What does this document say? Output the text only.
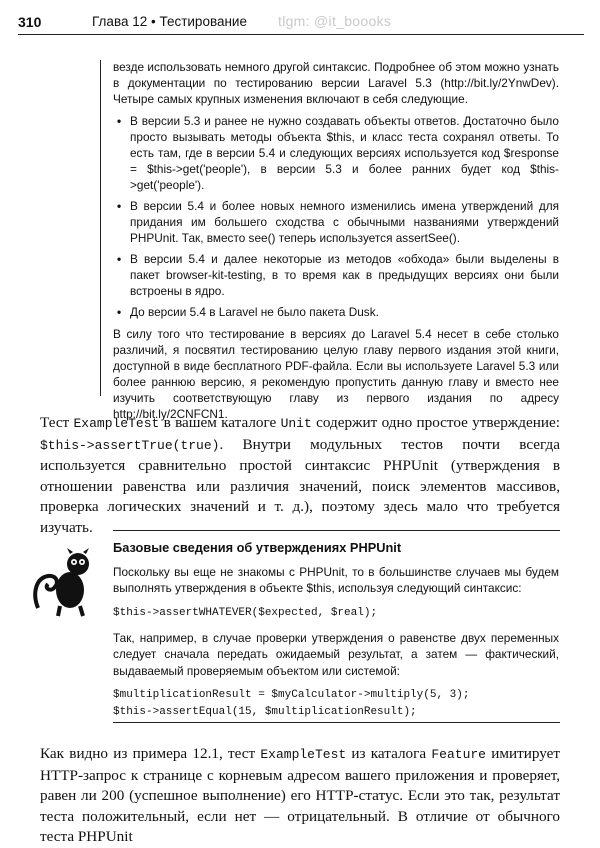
310	Глава 12 • Тестирование tlgm: @it_boooks

везде использовать немного другой синтаксис. Подробнее об этом можно узнать в документации по тестированию версии Laravel 5.3 (http://bit.ly/2YnwDev). Четыре самых крупных изменения включают в себя следующие.

• В версии 5.3 и ранее не нужно создавать объекты ответов. Достаточно было просто вызывать методы объекта $this, и класс теста сохранял ответы. То есть там, где в версии 5.4 и следующих версиях используется код $response = $this->get('people'), в версии 5.3 и более ранних будет код $this->get('people').
• В версии 5.4 и более новых немного изменились имена утверждений для придания им большего сходства с обычными названиями утверждений PHPUnit. Так, вместо see() теперь используется assertSee().
• В версии 5.4 и далее некоторые из методов «обхода» были выделены в пакет browser-kit-testing, в то время как в предыдущих версиях они были встроены в ядро.
• До версии 5.4 в Laravel не было пакета Dusk.

В силу того что тестирование в версиях до Laravel 5.4 несет в себе столько различий, я посвятил тестированию целую главу первого издания этой книги, доступной в виде бесплатного PDF-файла. Если вы используете Laravel 5.3 или более раннюю версию, я рекомендую пропустить данную главу и вместо нее изучить соответствующую главу из первого издания по адресу http://bit.ly/2CNFCN1.

Тест ExampleTest в вашем каталоге Unit содержит одно простое утверждение: $this->assertTrue(true). Внутри модульных тестов почти всегда используется сравнительно простой синтаксис PHPUnit (утверждения в отношении равенства или различия значений, поиск элементов массивов, проверка логических значений и т. д.), поэтому здесь мало что требуется изучать.
Базовые сведения об утверждениях PHPUnit

Поскольку вы еще не знакомы с PHPUnit, то в большинстве случаев мы будем выполнять утверждения в объекте $this, используя следующий синтаксис:

$this->assertWHATEVER($expected, $real);

Так, например, в случае проверки утверждения о равенстве двух переменных следует сначала передать ожидаемый результат, а затем — фактический, выдаваемый проверяемым объектом или системой:

$multiplicationResult = $myCalculator->multiply(5, 3);
$this->assertEqual(15, $multiplicationResult);
Как видно из примера 12.1, тест ExampleTest из каталога Feature имитирует HTTP-запрос к странице с корневым адресом вашего приложения и проверяет, равен ли 200 (успешное выполнение) его HTTP-статус. Если это так, результат теста положительный, если нет — отрицательный. В отличие от обычного теста PHPUnit
